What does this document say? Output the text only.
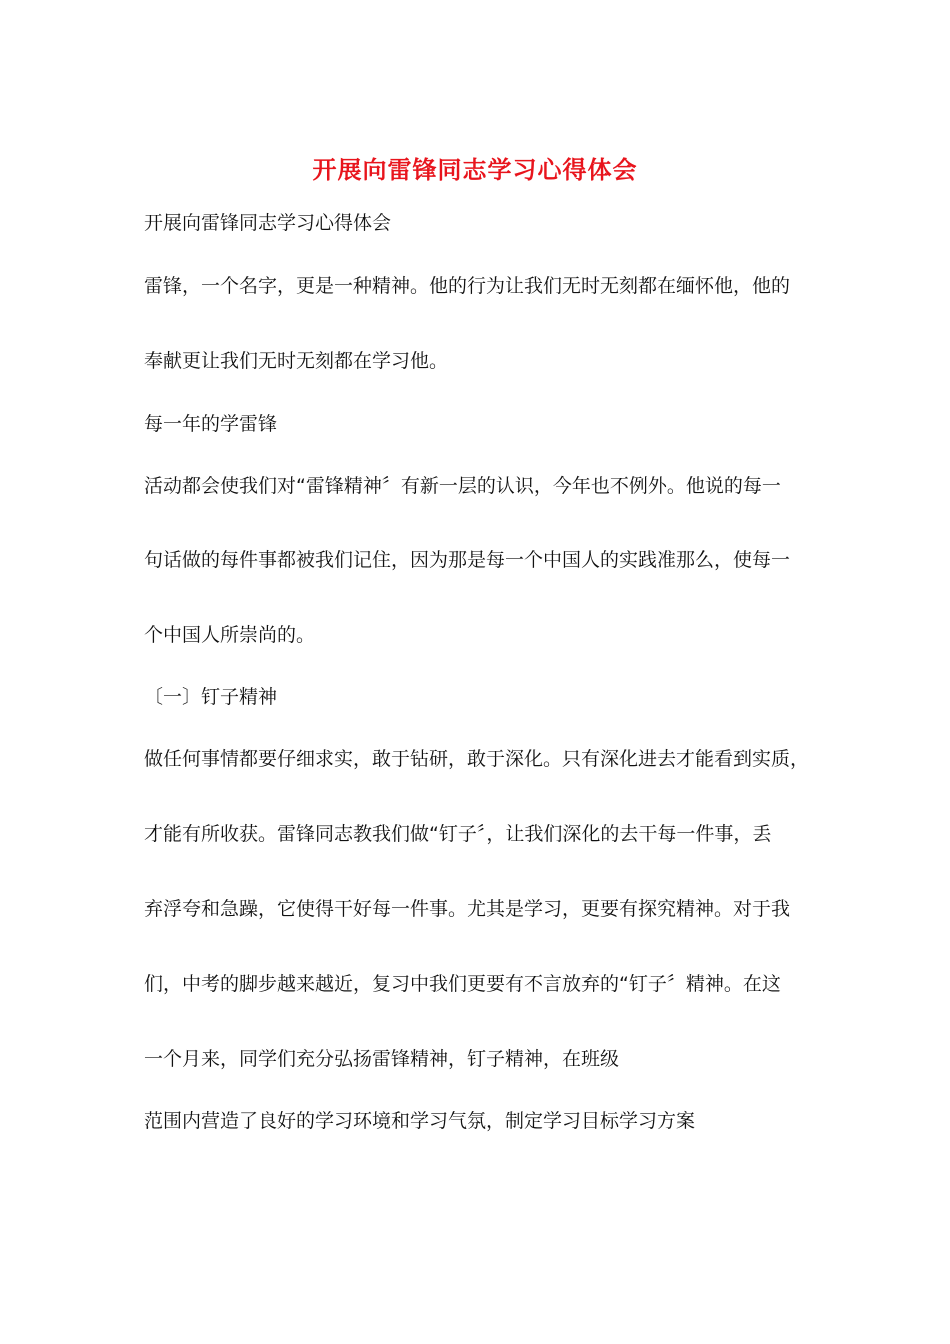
开展向雷锋同志学习心得体会
开展向雷锋同志学习心得体会
雷锋，一个名字，更是一种精神。他的行为让我们无时无刻都在缅怀他，他的
奉献更让我们无时无刻都在学习他。
每一年的学雷锋
活动都会使我们对“雷锋精神〞有新一层的认识，今年也不例外。他说的每一
句话做的每件事都被我们记住，因为那是每一个中国人的实践准那么，使每一
个中国人所崇尚的。
〔一〕钉子精神
做任何事情都要仔细求实，敢于钻研，敢于深化。只有深化进去才能看到实质，
才能有所收获。雷锋同志教我们做“钉子〞，让我们深化的去干每一件事，丢
弃浮夸和急躁，它使得干好每一件事。尤其是学习，更要有探究精神。对于我
们，中考的脚步越来越近，复习中我们更要有不言放弃的“钉子〞精神。在这
一个月来，同学们充分弘扬雷锋精神，钉子精神，在班级
范围内营造了良好的学习环境和学习气氛，制定学习目标学习方案
